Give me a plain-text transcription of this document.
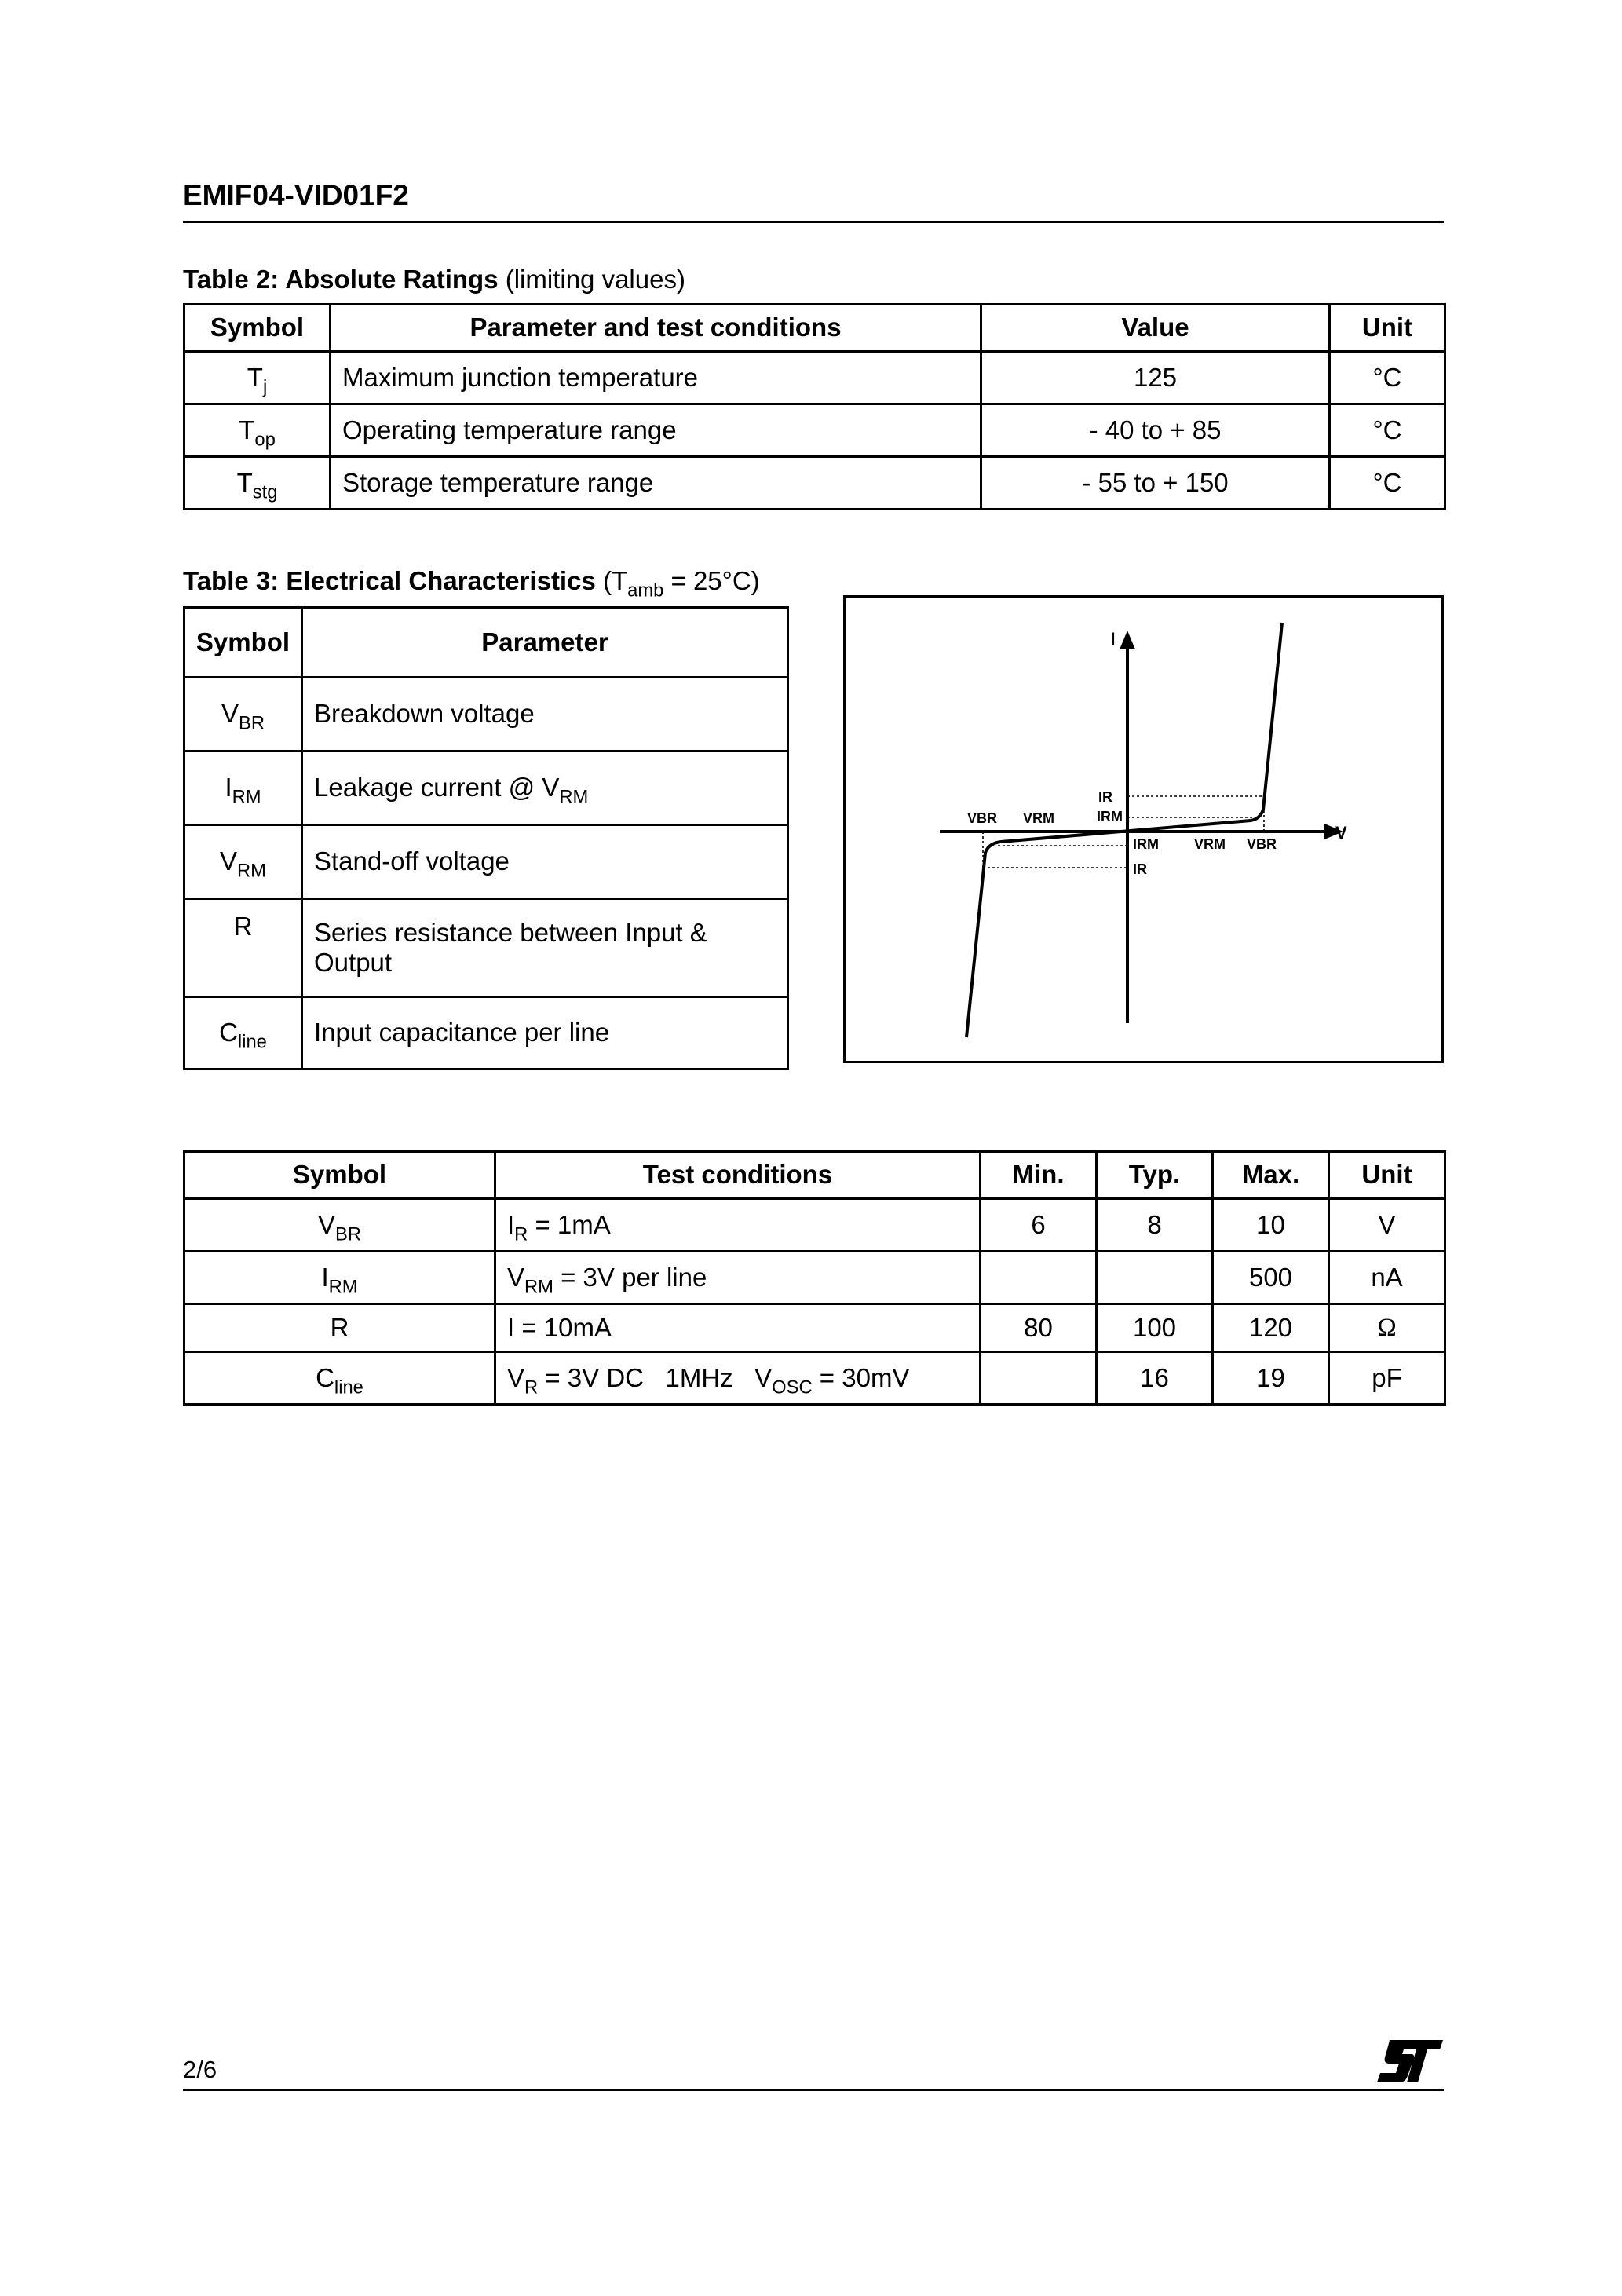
EMIF04-VID01F2
Table 2: Absolute Ratings (limiting values)
Symbol	Parameter and test conditions	Value	Unit
$T_j$	Maximum junction temperature	125	°C
$T_{op}$	Operating temperature range	- 40 to + 85	°C
$T_{stg}$	Storage temperature range	- 55 to + 150	°C
Table 3: Electrical Characteristics $(T_{amb} = 25^\circ C)$
Symbol	Parameter
$V_{BR}$	Breakdown voltage
$I_{RM}$	Leakage current @ $V_{RM}$
$V_{RM}$	Stand-off voltage
R	Series resistance between Input &
Output
$C_{line}$	Input capacitance per line
I
V
VBR VRM
IR
IRM
IRM	VRM VBR
IR
Symbol	Test conditions	Min.	Typ.	Max.	Unit
$V_{BR}$	$I_R = 1mA$	6	8	10	V
$I_{RM}$	$V_{RM} = 3V$ per line			500	nA
R	I = 10mA	80	100	120	Ω
$C_{line}$	$V_R = 3V$ DC   1MHz   $V_{OSC} = 30mV$		16	19	pF
2/6
